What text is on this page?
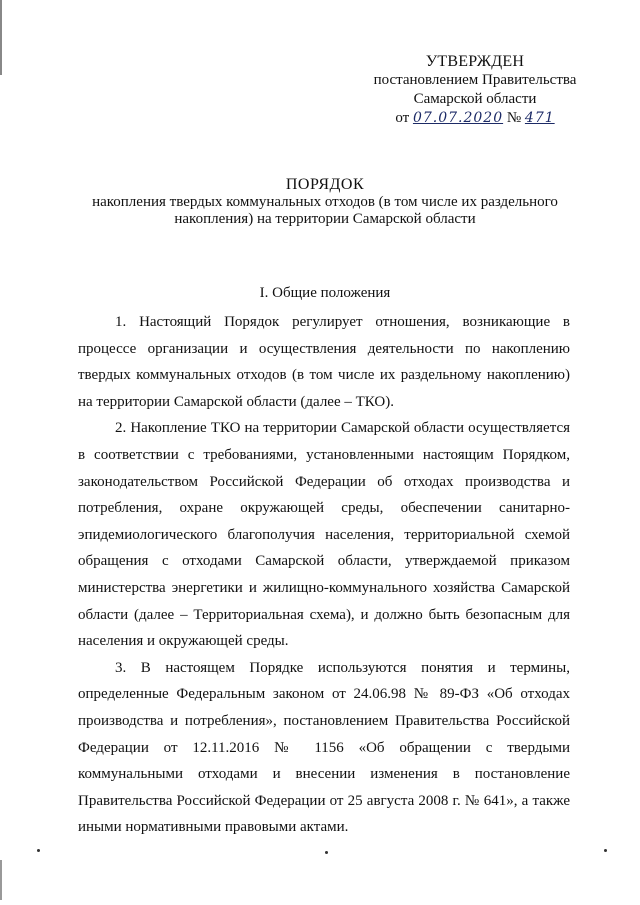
УТВЕРЖДЕН
постановлением Правительства
Самарской области
от 07.07.2020 № 471
ПОРЯДОК
накопления твердых коммунальных отходов (в том числе их раздельного
накопления) на территории Самарской области
I. Общие положения

1. Настоящий Порядок регулирует отношения, возникающие в процессе организации и осуществления деятельности по накоплению твердых коммунальных отходов (в том числе их раздельному накоплению) на территории Самарской области (далее – ТКО).

2. Накопление ТКО на территории Самарской области осуществляется в соответствии с требованиями, установленными настоящим Порядком, законодательством Российской Федерации об отходах производства и потребления, охране окружающей среды, обеспечении санитарно-эпидемиологического благополучия населения, территориальной схемой обращения с отходами Самарской области, утверждаемой приказом министерства энергетики и жилищно-коммунального хозяйства Самарской области (далее – Территориальная схема), и должно быть безопасным для населения и окружающей среды.

3. В настоящем Порядке используются понятия и термины, определенные Федеральным законом от 24.06.98 № 89-ФЗ «Об отходах производства и потребления», постановлением Правительства Российской Федерации от 12.11.2016 № 1156 «Об обращении с твердыми коммунальными отходами и внесении изменения в постановление Правительства Российской Федерации от 25 августа 2008 г. № 641», а также иными нормативными правовыми актами.
